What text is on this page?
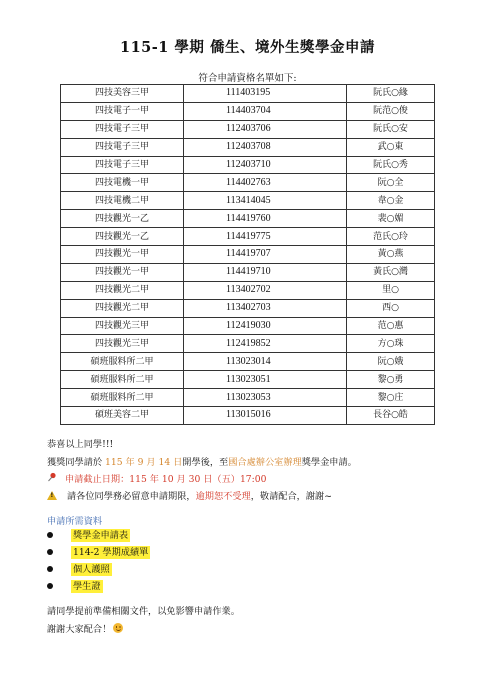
115-1 學期 僑生、境外生獎學金申請
符合申請資格名單如下:
四技美容三甲	111403195	阮氏○緣
四技電子一甲	114403704	阮范○俊
四技電子三甲	112403706	阮氏○安
四技電子三甲	112403708	武○東
四技電子三甲	112403710	阮氏○秀
四技電機一甲	114402763	阮○全
四技電機二甲	113414045	韋○金
四技觀光一乙	114419760	裴○媚
四技觀光一乙	114419775	范氏○玲
四技觀光一甲	114419707	黃○燕
四技觀光一甲	114419710	黃氏○灣
四技觀光二甲	113402702	里○
四技觀光二甲	113402703	西○
四技觀光三甲	112419030	范○惠
四技觀光三甲	112419852	方○珠
碩班服料所二甲	113023014	阮○娥
碩班服料所二甲	113023051	黎○勇
碩班服料所二甲	113023053	黎○庄
碩班美容二甲	113015016	長谷○皓
恭喜以上同學!!!
獲獎同學請於 115 年 9 月 14 日開學後，至國合處辦公室辦理獎學金申請。
申請截止日期：115 年 10 月 30 日（五）17:00
!請各位同學務必留意申請期限，逾期恕不受理，敬請配合，謝謝~
申請所需資料
獎學金申請表
114-2 學期成績單
個人護照
學生證
請同學提前準備相關文件，以免影響申請作業。
謝謝大家配合！
